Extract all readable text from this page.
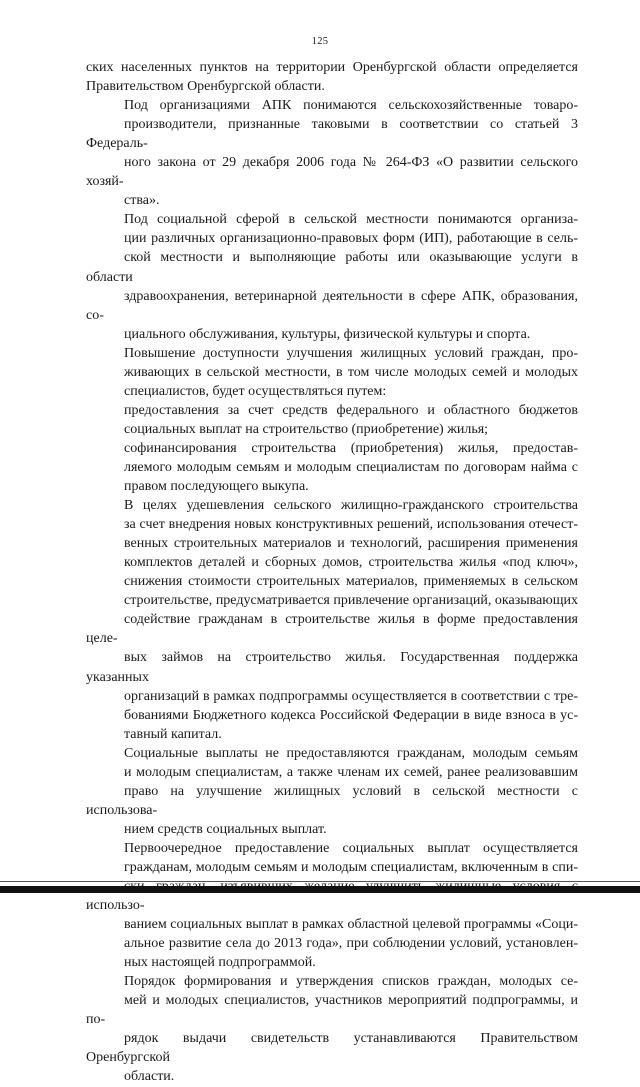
125

ских населенных пунктов на территории Оренбургской области определяется
Правительством Оренбургской области.

Под организациями АПК понимаются сельскохозяйственные товаро-
производители, признанные таковыми в соответствии со статьей 3 Федераль-
ного закона от 29 декабря 2006 года № 264-ФЗ «О развитии сельского хозяй-
ства».

Под социальной сферой в сельской местности понимаются организа-
ции различных организационно-правовых форм (ИП), работающие в сель-
ской местности и выполняющие работы или оказывающие услуги в области
здравоохранения, ветеринарной деятельности в сфере АПК, образования, со-
циального обслуживания, культуры, физической культуры и спорта.

Повышение доступности улучшения жилищных условий граждан, про-
живающих в сельской местности, в том числе молодых семей и молодых
специалистов, будет осуществляться путем:

предоставления за счет средств федерального и областного бюджетов
социальных выплат на строительство (приобретение) жилья;

софинансирования строительства (приобретения) жилья, предостав-
ляемого молодым семьям и молодым специалистам по договорам найма с
правом последующего выкупа.

В целях удешевления сельского жилищно-гражданского строительства
за счет внедрения новых конструктивных решений, использования отечест-
венных строительных материалов и технологий, расширения применения
комплектов деталей и сборных домов, строительства жилья «под ключ»,
снижения стоимости строительных материалов, применяемых в сельском
строительстве, предусматривается привлечение организаций, оказывающих
содействие гражданам в строительстве жилья в форме предоставления целе-
вых займов на строительство жилья. Государственная поддержка указанных
организаций в рамках подпрограммы осуществляется в соответствии с тре-
бованиями Бюджетного кодекса Российской Федерации в виде взноса в ус-
тавный капитал.

Социальные выплаты не предоставляются гражданам, молодым семьям
и молодым специалистам, а также членам их семей, ранее реализовавшим
право на улучшение жилищных условий в сельской местности с использова-
нием средств социальных выплат.

Первоочередное предоставление социальных выплат осуществляется
гражданам, молодым семьям и молодым специалистам, включенным в спи-
использо-
ванием социальных выплат в рамках областной целевой программы «Соци-
альное развитие села до 2013 года», при соблюдении условий, установлен-
ных настоящей подпрограммой.

Порядок формирования и утверждения списков граждан, молодых се-
мей и молодых специалистов, участников мероприятий подпрограммы, и по-
рядок выдачи свидетельств устанавливаются Правительством Оренбургской
области.
